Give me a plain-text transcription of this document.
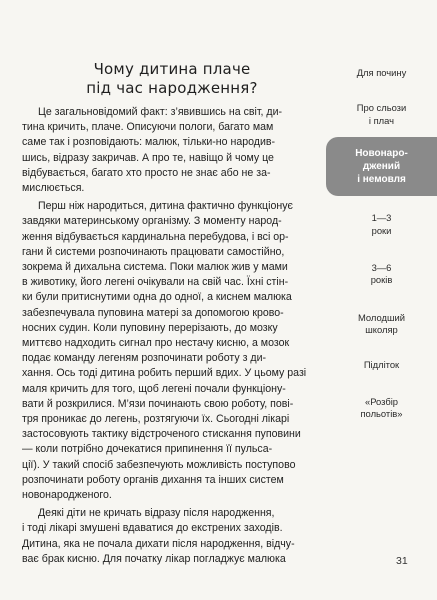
Чому дитина плаче
під час народження?

Це загальновідомий факт: з’явившись на світ, ди-
тина кричить, плаче. Описуючи пологи, багато мам
саме так і розповідають: малюк, тільки-но народив-
шись, відразу закричав. А про те, навіщо й чому це
відбувається, багато хто просто не знає або не за-
мислюється.

Перш ніж народиться, дитина фактично функціонує
завдяки материнському організму. З моменту народ-
ження відбувається кардинальна перебудова, і всі ор-
гани й системи розпочинають працювати самостійно,
зокрема й дихальна система. Поки малюк жив у мами
в животику, його легені очікували на свій час. Їхні стін-
ки були притиснутими одна до одної, а киснем малюка
забезпечувала пуповина матері за допомогою крово-
носних судин. Коли пуповину перерізають, до мозку
миттєво надходить сигнал про нестачу кисню, а мозок
подає команду легеням розпочинати роботу з ди-
хання. Ось тоді дитина робить перший вдих. У цьому разі
маля кричить для того, щоб легені почали функціону-
вати й розкрилися. М’язи починають свою роботу, пові-
тря проникає до легень, розтягуючи їх. Сьогодні лікарі
застосовують тактику відстроченого стискання пуповини
— коли потрібно дочекатися припинення її пульса-
ції). У такий спосіб забезпечують можливість поступово
розпочинати роботу органів дихання та інших систем
новонародженого.

Деякі діти не кричать відразу після народження,
і тоді лікарі змушені вдаватися до екстрених заходів.
Дитина, яка не почала дихати після народження, відчу-
ває брак кисню. Для початку лікар погладжує малюка

Для почину
Про сльози
і плач
Новонаро-
джений
і немовля
1—3
роки
3—6
років
Молодший
школяр
Підліток
«Розбір
польотів»
31
